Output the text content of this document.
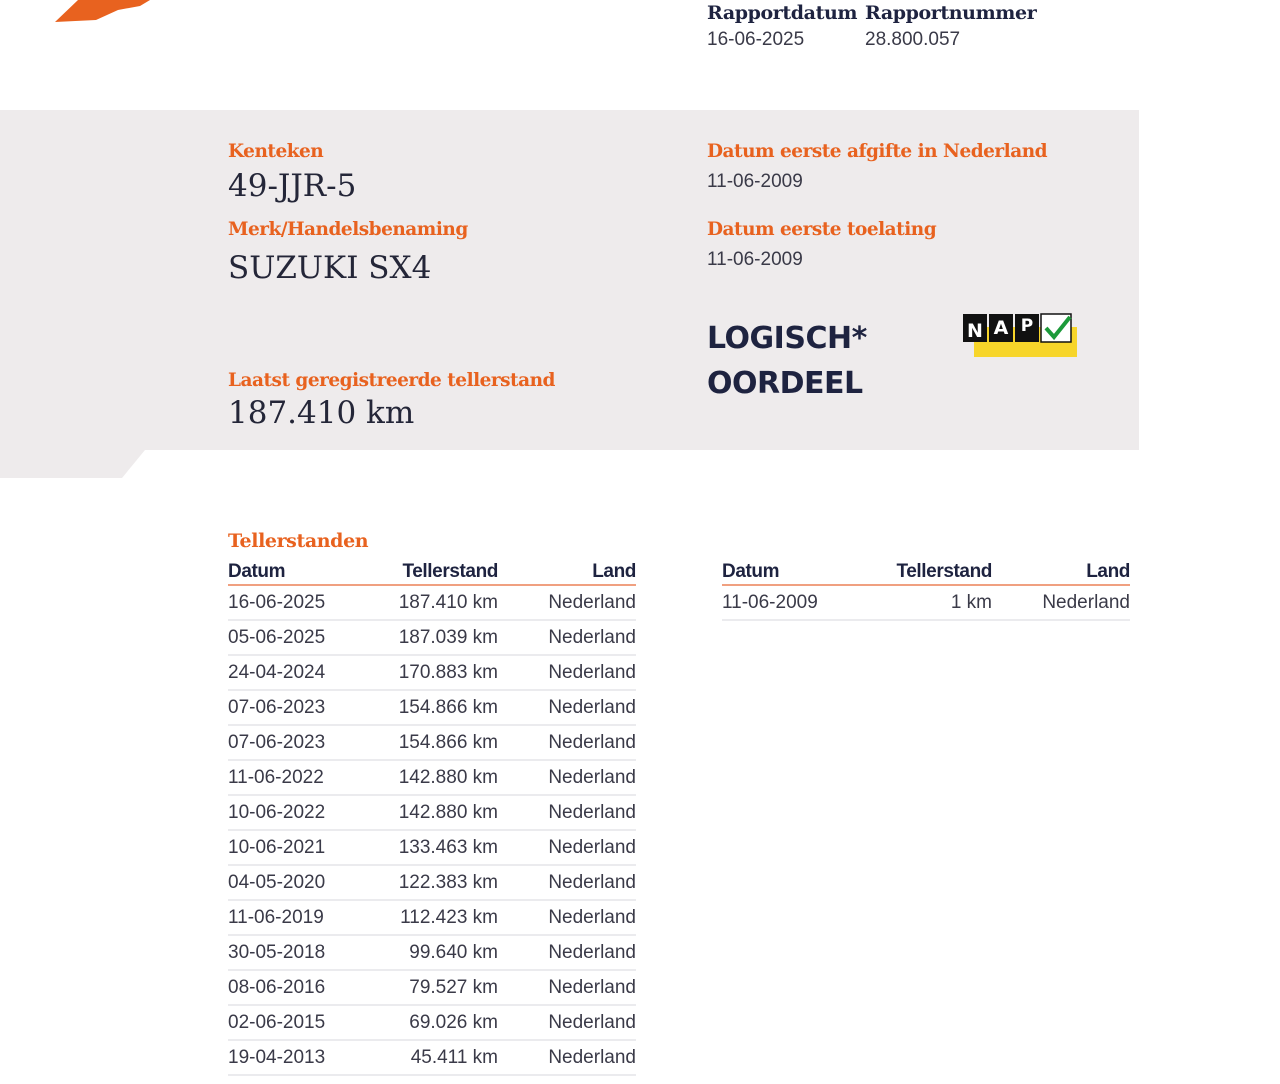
Rapportdatum
16-06-2025
Rapportnummer
28.800.057
Kenteken
49-JJR-5
Merk/Handelsbenaming
SUZUKI SX4
Laatst geregistreerde tellerstand
187.410 km
Datum eerste afgifte in Nederland
11-06-2009
Datum eerste toelating
11-06-2009
LOGISCH*
OORDEEL
N A P
Tellerstanden
Datum	Tellerstand	Land
16-06-2025	187.410 km	Nederland
05-06-2025	187.039 km	Nederland
24-04-2024	170.883 km	Nederland
07-06-2023	154.866 km	Nederland
07-06-2023	154.866 km	Nederland
11-06-2022	142.880 km	Nederland
10-06-2022	142.880 km	Nederland
10-06-2021	133.463 km	Nederland
04-05-2020	122.383 km	Nederland
11-06-2019	112.423 km	Nederland
30-05-2018	99.640 km	Nederland
08-06-2016	79.527 km	Nederland
02-06-2015	69.026 km	Nederland
19-04-2013	45.411 km	Nederland
Datum	Tellerstand	Land
11-06-2009	1 km	Nederland
